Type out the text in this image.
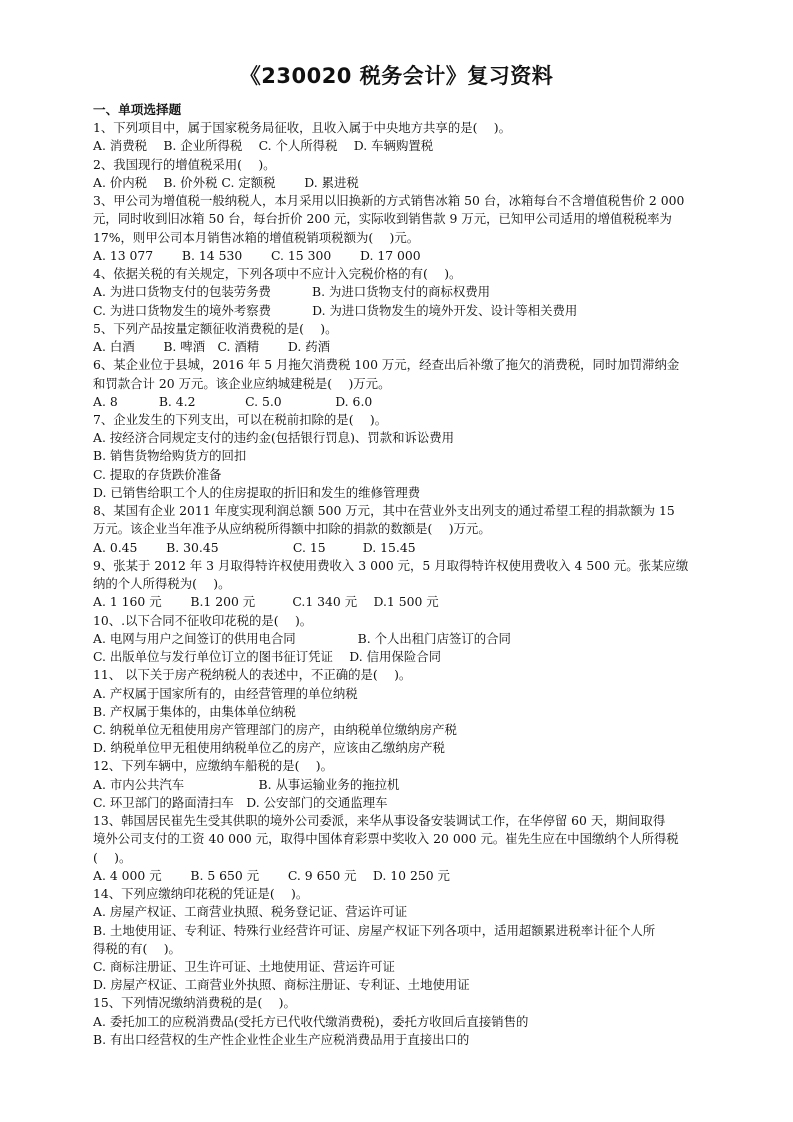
《230020 税务会计》复习资料
一、单项选择题
1、下列项目中，属于国家税务局征收，且收入属于中央地方共享的是(　 )。
A. 消费税　 B. 企业所得税　 C. 个人所得税　 D. 车辆购置税
2、我国现行的增值税采用(　 )。
A. 价内税　 B. 价外税 C. 定额税　　 D. 累进税
3、甲公司为增值税一般纳税人，本月采用以旧换新的方式销售冰箱 50 台，冰箱每台不含增值税售价 2 000
元，同时收到旧冰箱 50 台，每台折价 200 元，实际收到销售款 9 万元，已知甲公司适用的增值税税率为
17%，则甲公司本月销售冰箱的增值税销项税额为(　 )元。
A. 13 077　　 B. 14 530　　 C. 15 300　　 D. 17 000
4、依据关税的有关规定，下列各项中不应计入完税价格的有(　 )。
A. 为进口货物支付的包装劳务费　　　 B. 为进口货物支付的商标权费用
C. 为进口货物发生的境外考察费　　　 D. 为进口货物发生的境外开发、设计等相关费用
5、下列产品按量定额征收消费税的是(　 )。
A. 白酒　　 B. 啤酒　C. 酒精　　 D. 药酒
6、某企业位于县城，2016 年 5 月拖欠消费税 100 万元，经查出后补缴了拖欠的消费税，同时加罚滞纳金
和罚款合计 20 万元。该企业应纳城建税是(　 )万元。
A. 8　　　 B. 4.2　　　　C. 5.0　　　　 D. 6.0
7、企业发生的下列支出，可以在税前扣除的是(　 )。
A. 按经济合同规定支付的违约金(包括银行罚息)、罚款和诉讼费用
B. 销售货物给购货方的回扣
C. 提取的存货跌价准备
D. 已销售给职工个人的住房提取的折旧和发生的维修管理费
8、某国有企业 2011 年度实现利润总额 500 万元，其中在营业外支出列支的通过希望工程的捐款额为 15
万元。该企业当年准予从应纳税所得额中扣除的捐款的数额是(　 )万元。
A. 0.45　　 B. 30.45　　　　　　C. 15　　　D. 15.45
9、张某于 2012 年 3 月取得特许权使用费收入 3 000 元，5 月取得特许权使用费收入 4 500 元。张某应缴
纳的个人所得税为(　 )。
A. 1 160 元　　 B.1 200 元　　　C.1 340 元　 D.1 500 元
10、.以下合同不征收印花税的是(　 )。
A. 电网与用户之间签订的供用电合同　　　　　B. 个人出租门店签订的合同
C. 出版单位与发行单位订立的图书征订凭证　 D. 信用保险合同
11、 以下关于房产税纳税人的表述中，不正确的是(　 )。
A. 产权属于国家所有的，由经营管理的单位纳税
B. 产权属于集体的，由集体单位纳税
C. 纳税单位无租使用房产管理部门的房产，由纳税单位缴纳房产税
D. 纳税单位甲无租使用纳税单位乙的房产，应该由乙缴纳房产税
12、下列车辆中，应缴纳车船税的是(　 )。
A. 市内公共汽车　　　　　　B. 从事运输业务的拖拉机
C. 环卫部门的路面清扫车　D. 公安部门的交通监理车
13、韩国居民崔先生受其供职的境外公司委派，来华从事设备安装调试工作，在华停留 60 天，期间取得
境外公司支付的工资 40 000 元，取得中国体育彩票中奖收入 20 000 元。崔先生应在中国缴纳个人所得税
(　 )。
A. 4 000 元　　 B. 5 650 元　　 C. 9 650 元　 D. 10 250 元
14、下列应缴纳印花税的凭证是(　 )。
A. 房屋产权证、工商营业执照、税务登记证、营运许可证
B. 土地使用证、专利证、特殊行业经营许可证、房屋产权证下列各项中，适用超额累进税率计征个人所
得税的有(　 )。
C. 商标注册证、卫生许可证、土地使用证、营运许可证
D. 房屋产权证、工商营业外执照、商标注册证、专利证、土地使用证
15、下列情况缴纳消费税的是(　 )。
A. 委托加工的应税消费品(受托方已代收代缴消费税)，委托方收回后直接销售的
B. 有出口经营权的生产性企业性企业生产应税消费品用于直接出口的
